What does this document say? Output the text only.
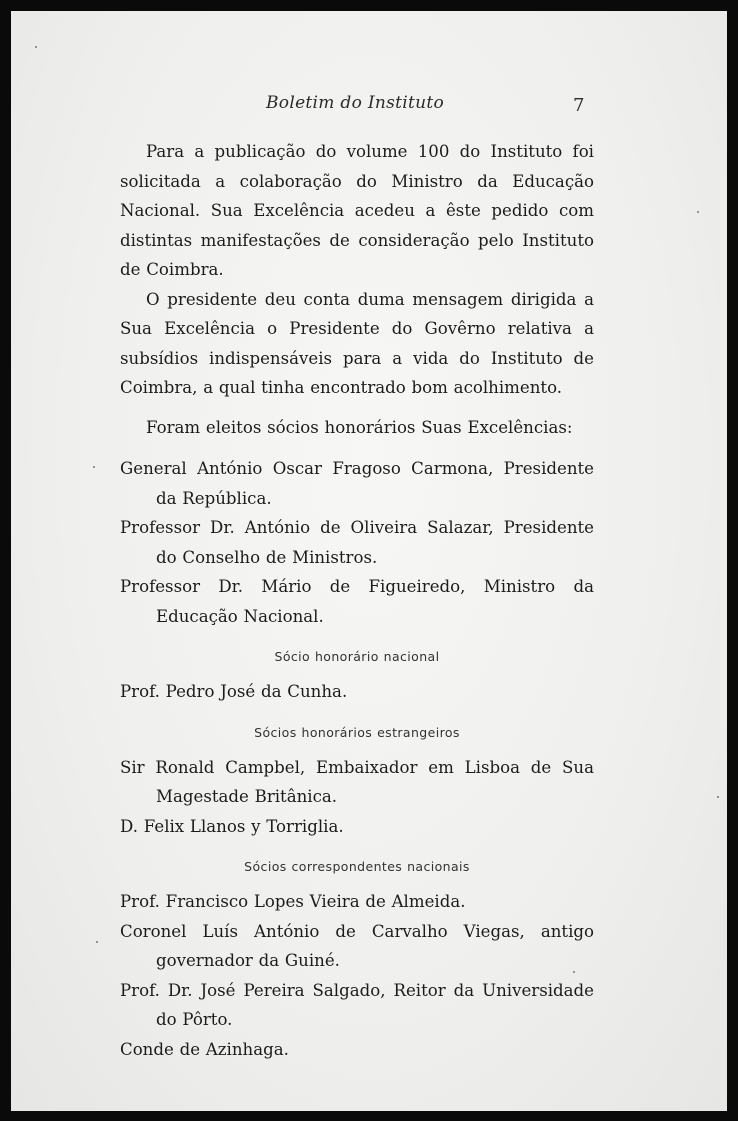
Boletim do Instituto	7

Para a publicação do volume 100 do Instituto foi solicitada a colaboração do Ministro da Educação Nacional. Sua Excelência acedeu a êste pedido com distintas manifestações de consideração pelo Instituto de Coimbra.

O presidente deu conta duma mensagem dirigida a Sua Excelência o Presidente do Govêrno relativa a subsídios indispensáveis para a vida do Instituto de Coimbra, a qual tinha encontrado bom acolhimento.

Foram eleitos sócios honorários Suas Excelências:

General António Oscar Fragoso Carmona, Presidente da República.

Professor Dr. António de Oliveira Salazar, Presidente do Conselho de Ministros.

Professor Dr. Mário de Figueiredo, Ministro da Educação Nacional.

Sócio honorário nacional

Prof. Pedro José da Cunha.

Sócios honorários estrangeiros

Sir Ronald Campbel, Embaixador em Lisboa de Sua Magestade Britânica.

D. Felix Llanos y Torriglia.

Sócios correspondentes nacionais

Prof. Francisco Lopes Vieira de Almeida.

Coronel Luís António de Carvalho Viegas, antigo governador da Guiné.

Prof. Dr. José Pereira Salgado, Reitor da Universidade do Pôrto.

Conde de Azinhaga.
